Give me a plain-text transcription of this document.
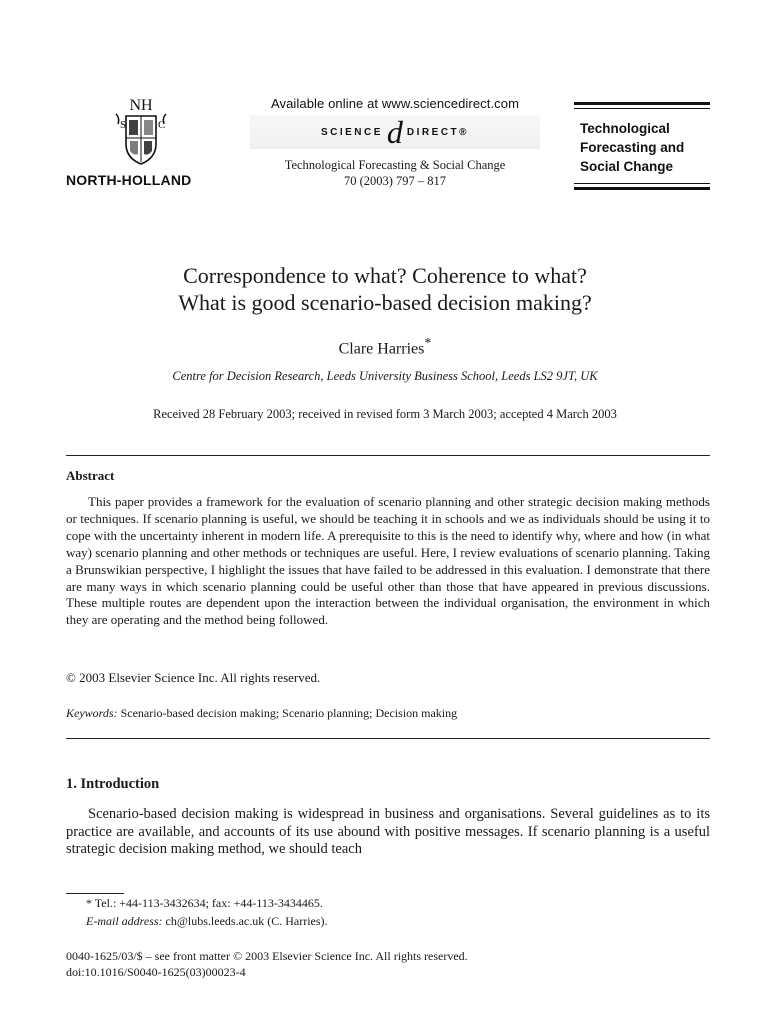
NH
S	C
NORTH-HOLLAND
Available online at www.sciencedirect.com
SCIENCE d DIRECT®
Technological Forecasting & Social Change
70 (2003) 797 – 817
Technological
Forecasting and
Social Change
Correspondence to what? Coherence to what?
What is good scenario-based decision making?
Clare Harries*
Centre for Decision Research, Leeds University Business School, Leeds LS2 9JT, UK
Received 28 February 2003; received in revised form 3 March 2003; accepted 4 March 2003
Abstract

This paper provides a framework for the evaluation of scenario planning and other strategic decision making methods or techniques. If scenario planning is useful, we should be teaching it in schools and we as individuals should be using it to cope with the uncertainty inherent in modern life. A prerequisite to this is the need to identify why, where and how (in what way) scenario planning and other methods or techniques are useful. Here, I review evaluations of scenario planning. Taking a Brunswikian perspective, I highlight the issues that have failed to be addressed in this evaluation. I demonstrate that there are many ways in which scenario planning could be useful other than those that have appeared in previous discussions. These multiple routes are dependent upon the interaction between the individual organisation, the environment in which they are operating and the method being followed.

© 2003 Elsevier Science Inc. All rights reserved.
Keywords: Scenario-based decision making; Scenario planning; Decision making
1. Introduction

Scenario-based decision making is widespread in business and organisations. Several guidelines as to its practice are available, and accounts of its use abound with positive messages. If scenario planning is a useful strategic decision making method, we should teach

* Tel.: +44-113-3432634; fax: +44-113-3434465.
E-mail address: ch@lubs.leeds.ac.uk (C. Harries).
0040-1625/03/$ – see front matter © 2003 Elsevier Science Inc. All rights reserved.
doi:10.1016/S0040-1625(03)00023-4
